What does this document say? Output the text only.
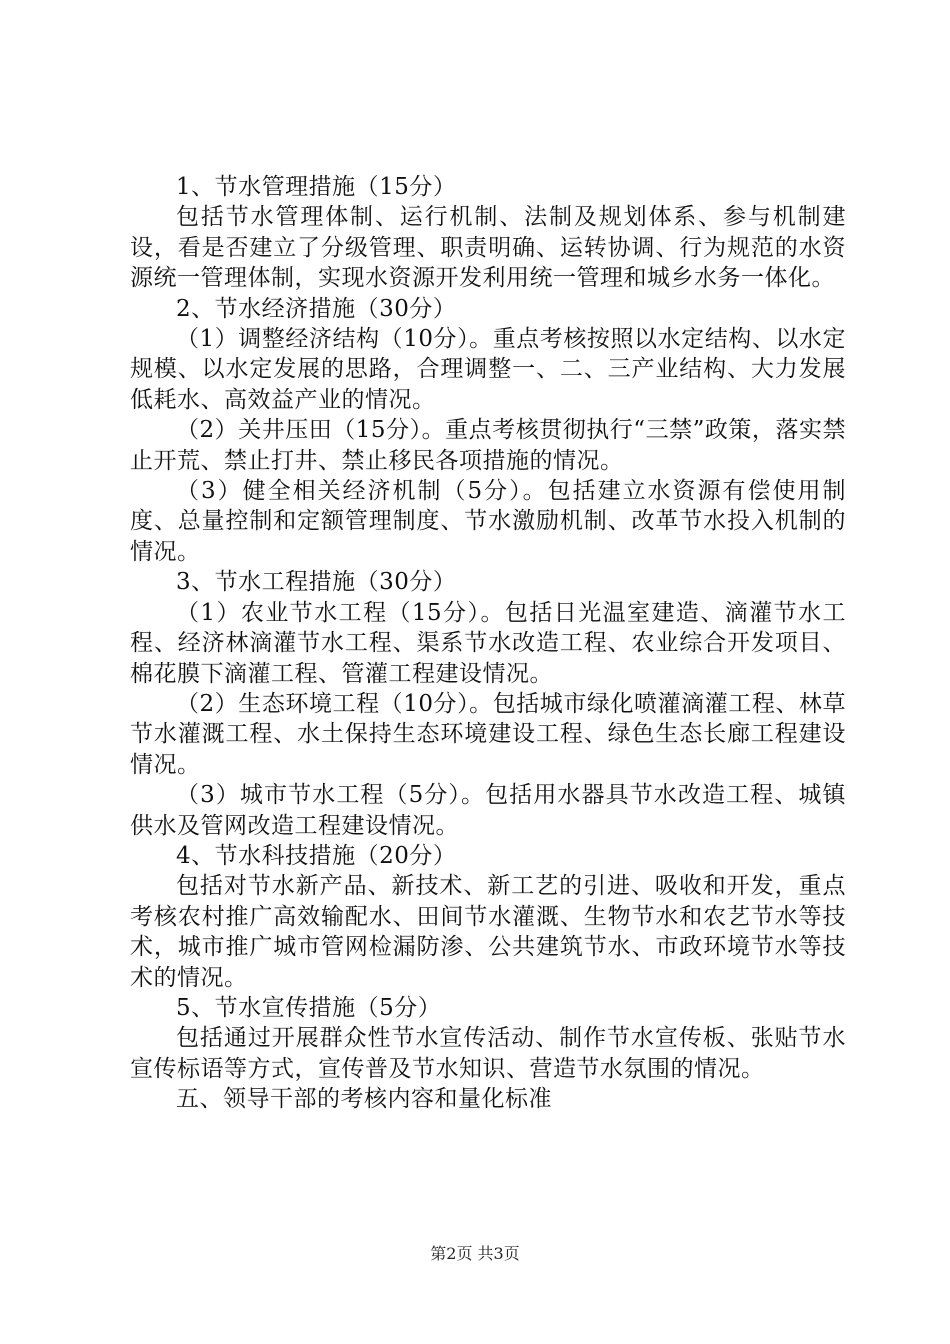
1、节水管理措施（15分）

包括节水管理体制、运行机制、法制及规划体系、参与机制建设，看是否建立了分级管理、职责明确、运转协调、行为规范的水资源统一管理体制，实现水资源开发利用统一管理和城乡水务一体化。

2、节水经济措施（30分）

（1）调整经济结构（10分）。重点考核按照以水定结构、以水定规模、以水定发展的思路，合理调整一、二、三产业结构、大力发展低耗水、高效益产业的情况。

（2）关井压田（15分）。重点考核贯彻执行“三禁”政策，落实禁止开荒、禁止打井、禁止移民各项措施的情况。

（3）健全相关经济机制（5分）。包括建立水资源有偿使用制度、总量控制和定额管理制度、节水激励机制、改革节水投入机制的情况。

3、节水工程措施（30分）

（1）农业节水工程（15分）。包括日光温室建造、滴灌节水工程、经济林滴灌节水工程、渠系节水改造工程、农业综合开发项目、棉花膜下滴灌工程、管灌工程建设情况。

（2）生态环境工程（10分）。包括城市绿化喷灌滴灌工程、林草节水灌溉工程、水土保持生态环境建设工程、绿色生态长廊工程建设情况。

（3）城市节水工程（5分）。包括用水器具节水改造工程、城镇供水及管网改造工程建设情况。

4、节水科技措施（20分）

包括对节水新产品、新技术、新工艺的引进、吸收和开发，重点考核农村推广高效输配水、田间节水灌溉、生物节水和农艺节水等技术，城市推广城市管网检漏防渗、公共建筑节水、市政环境节水等技术的情况。

5、节水宣传措施（5分）

包括通过开展群众性节水宣传活动、制作节水宣传板、张贴节水宣传标语等方式，宣传普及节水知识、营造节水氛围的情况。

五、领导干部的考核内容和量化标准

第2页 共3页
